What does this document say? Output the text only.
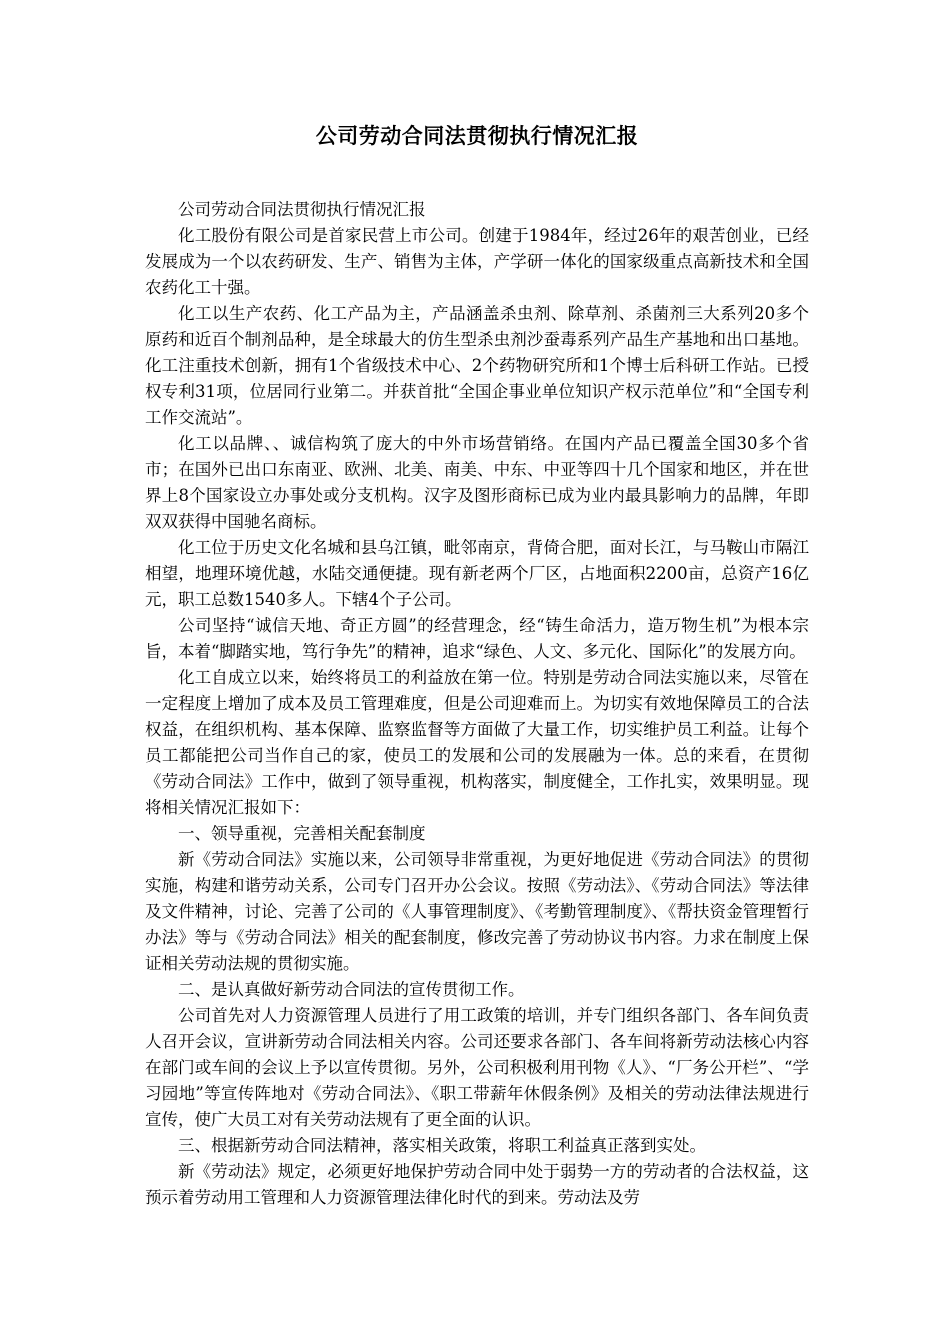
公司劳动合同法贯彻执行情况汇报

公司劳动合同法贯彻执行情况汇报

化工股份有限公司是首家民营上市公司。创建于1984年，经过26年的艰苦创业，已经发展成为一个以农药研发、生产、销售为主体，产学研一体化的国家级重点高新技术和全国农药化工十强。

化工以生产农药、化工产品为主，产品涵盖杀虫剂、除草剂、杀菌剂三大系列20多个原药和近百个制剂品种，是全球最大的仿生型杀虫剂沙蚕毒系列产品生产基地和出口基地。化工注重技术创新，拥有1个省级技术中心、2个药物研究所和1个博士后科研工作站。已授权专利31项，位居同行业第二。并获首批“全国企事业单位知识产权示范单位”和“全国专利工作交流站”。

化工以品牌、、诚信构筑了庞大的中外市场营销络。在国内产品已覆盖全国30多个省市；在国外已出口东南亚、欧洲、北美、南美、中东、中亚等四十几个国家和地区，并在世界上8个国家设立办事处或分支机构。汉字及图形商标已成为业内最具影响力的品牌，年即双双获得中国驰名商标。

化工位于历史文化名城和县乌江镇，毗邻南京，背倚合肥，面对长江，与马鞍山市隔江相望，地理环境优越，水陆交通便捷。现有新老两个厂区，占地面积2200亩，总资产16亿元，职工总数1540多人。下辖4个子公司。

公司坚持“诚信天地、奇正方圆”的经营理念，经“铸生命活力，造万物生机”为根本宗旨，本着“脚踏实地，笃行争先”的精神，追求“绿色、人文、多元化、国际化”的发展方向。

化工自成立以来，始终将员工的利益放在第一位。特别是劳动合同法实施以来，尽管在一定程度上增加了成本及员工管理难度，但是公司迎难而上。为切实有效地保障员工的合法权益，在组织机构、基本保障、监察监督等方面做了大量工作，切实维护员工利益。让每个员工都能把公司当作自己的家，使员工的发展和公司的发展融为一体。总的来看，在贯彻《劳动合同法》工作中，做到了领导重视，机构落实，制度健全，工作扎实，效果明显。现将相关情况汇报如下：

一、领导重视，完善相关配套制度

新《劳动合同法》实施以来，公司领导非常重视，为更好地促进《劳动合同法》的贯彻实施，构建和谐劳动关系，公司专门召开办公会议。按照《劳动法》、《劳动合同法》等法律及文件精神，讨论、完善了公司的《人事管理制度》、《考勤管理制度》、《帮扶资金管理暂行办法》等与《劳动合同法》相关的配套制度，修改完善了劳动协议书内容。力求在制度上保证相关劳动法规的贯彻实施。

二、是认真做好新劳动合同法的宣传贯彻工作。

公司首先对人力资源管理人员进行了用工政策的培训，并专门组织各部门、各车间负责人召开会议，宣讲新劳动合同法相关内容。公司还要求各部门、各车间将新劳动法核心内容在部门或车间的会议上予以宣传贯彻。另外，公司积极利用刊物《人》、“厂务公开栏”、“学习园地”等宣传阵地对《劳动合同法》、《职工带薪年休假条例》及相关的劳动法律法规进行宣传，使广大员工对有关劳动法规有了更全面的认识。

三、根据新劳动合同法精神，落实相关政策，将职工利益真正落到实处。

新《劳动法》规定，必须更好地保护劳动合同中处于弱势一方的劳动者的合法权益，这预示着劳动用工管理和人力资源管理法律化时代的到来。劳动法及劳
